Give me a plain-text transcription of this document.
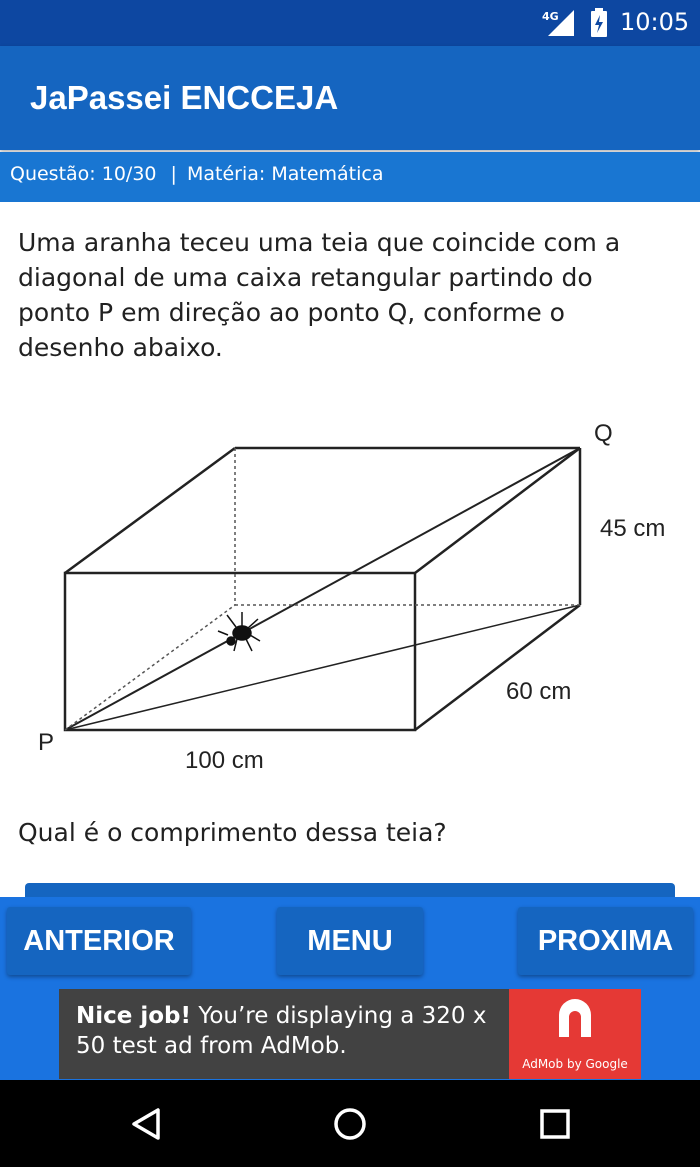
4G	10:05
JaPassei ENCCEJA
Questão: 10/30 | Matéria: Matemática
Uma aranha teceu uma teia que coincide com a diagonal de uma caixa retangular partindo do ponto P em direção ao ponto Q, conforme o desenho abaixo.
P
Q
45 cm
60 cm
100 cm
Qual é o comprimento dessa teia?
ANTERIOR	MENU	PROXIMA
Nice job! You’re displaying a 320 x 50 test ad from AdMob.
AdMob by Google
